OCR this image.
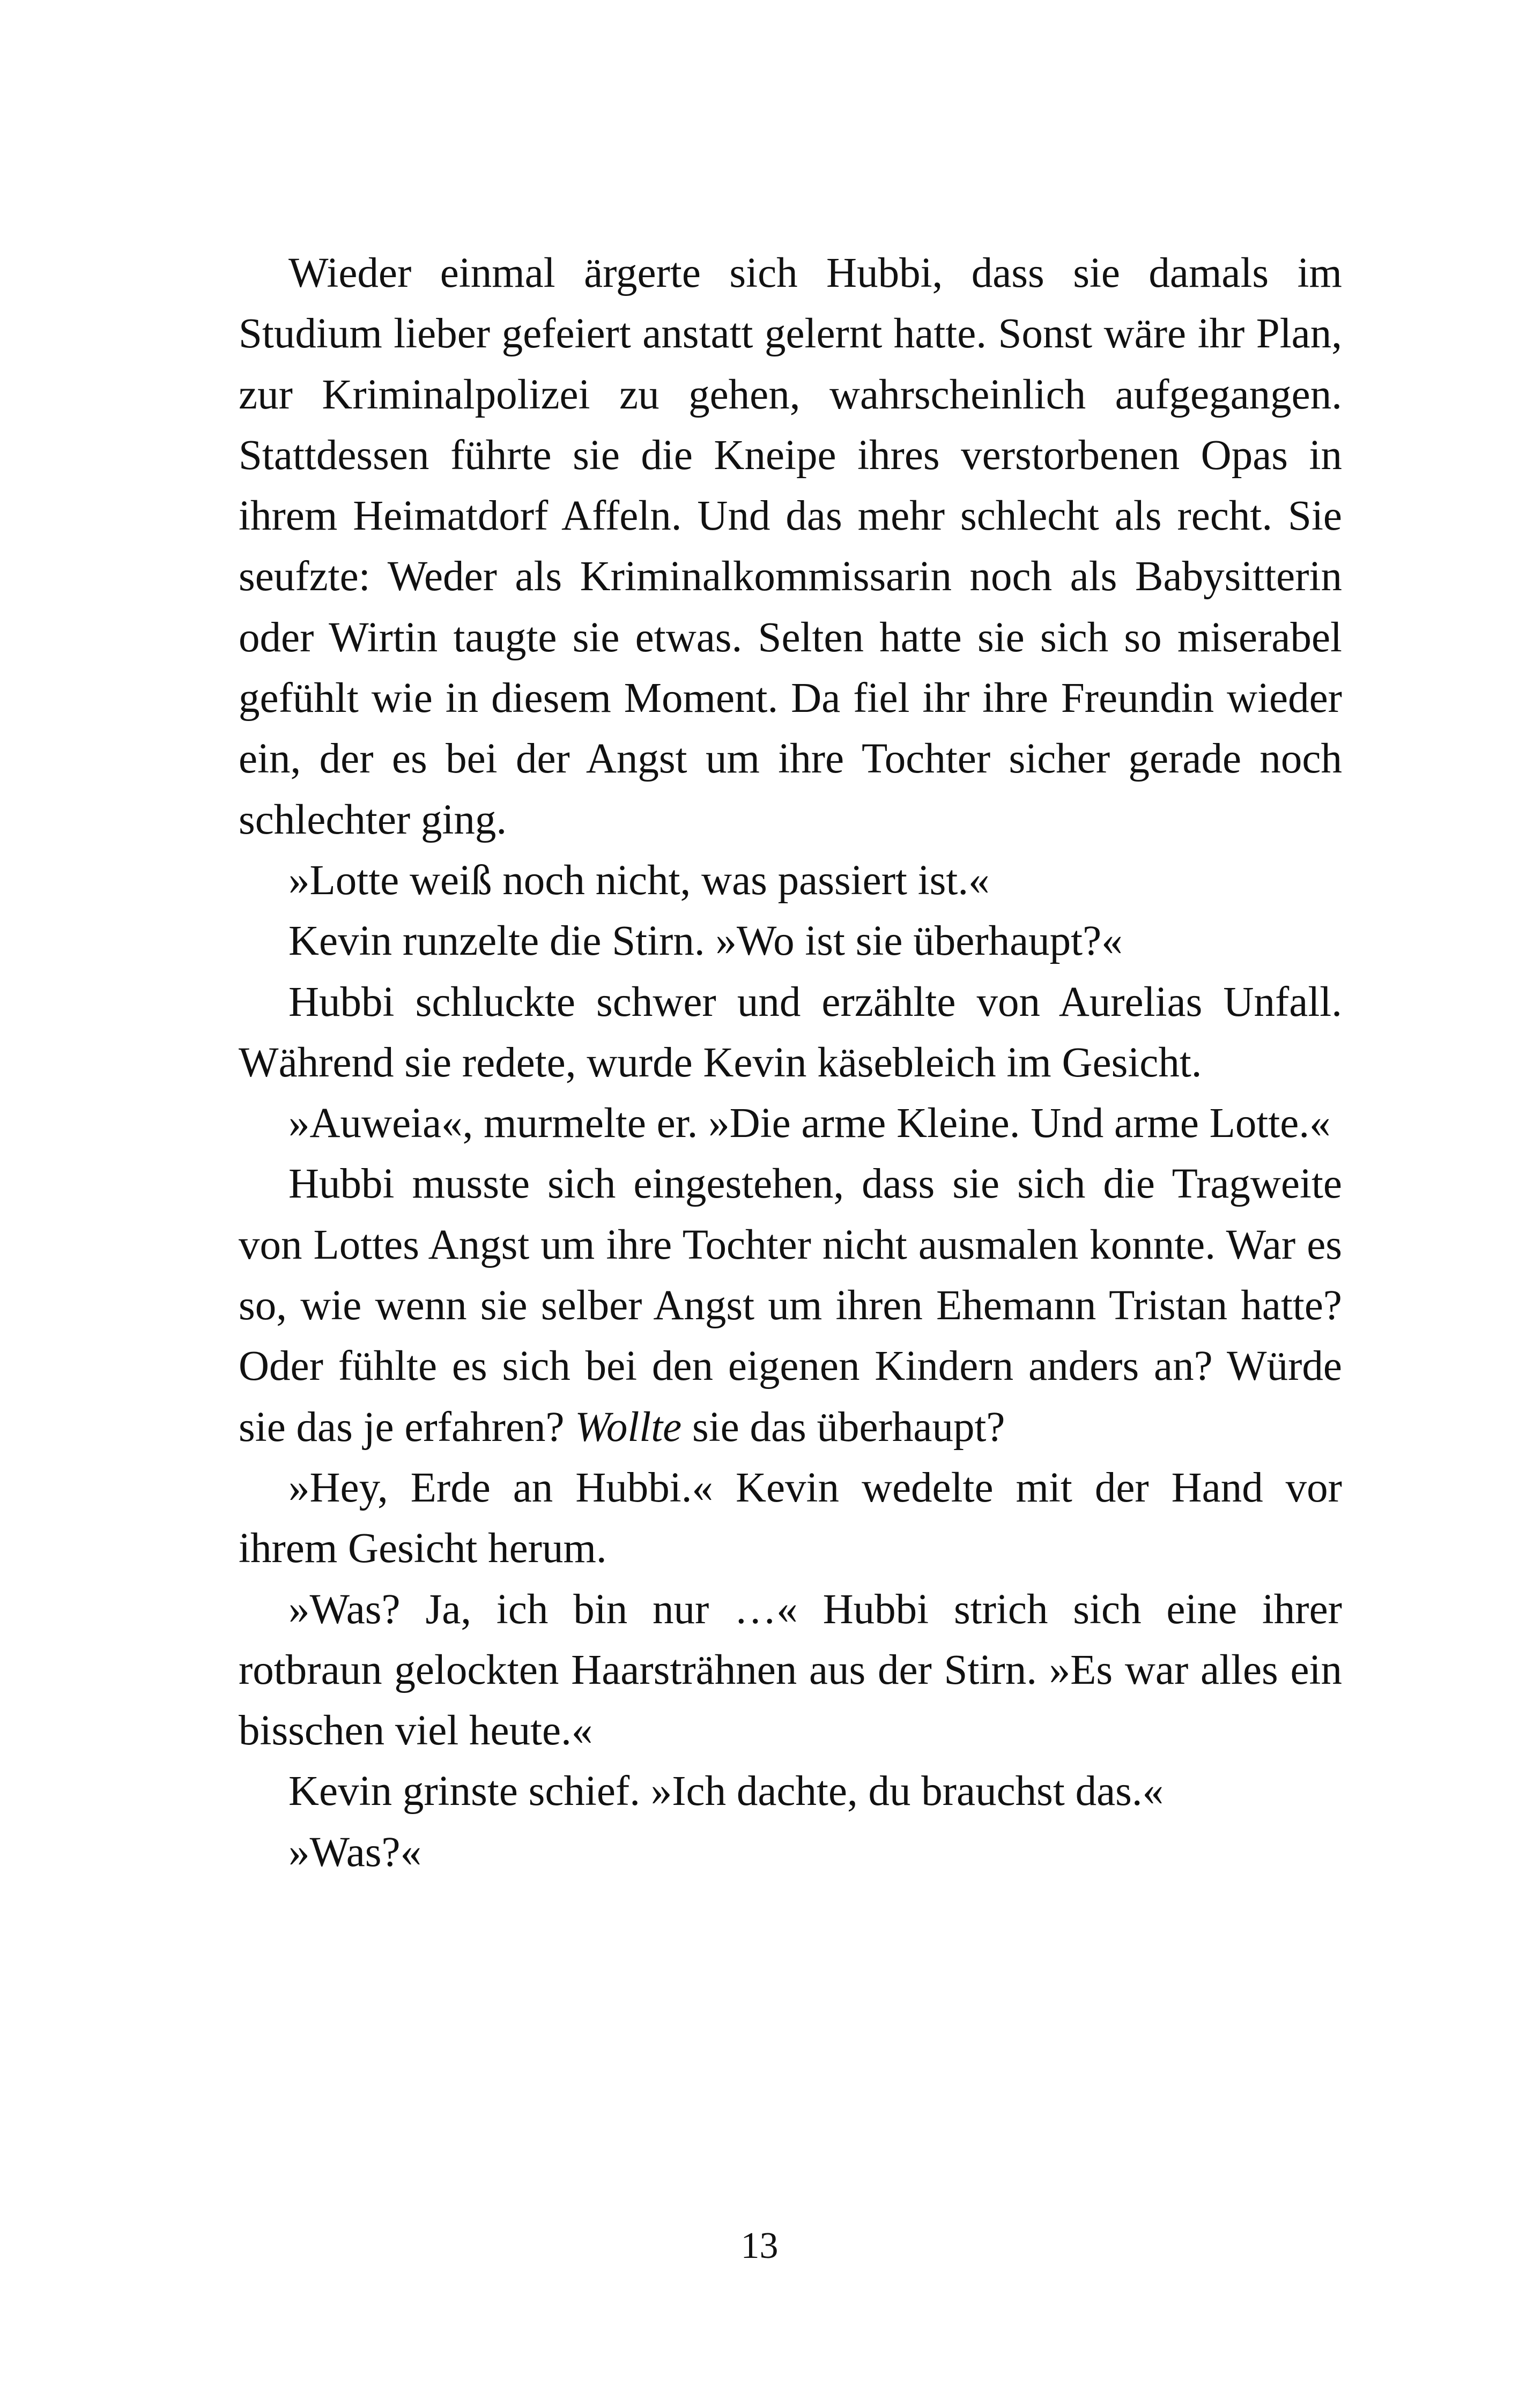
Wieder einmal ärgerte sich Hubbi, dass sie damals im Studium lieber gefeiert anstatt gelernt hatte. Sonst wäre ihr Plan, zur Kriminalpolizei zu gehen, wahrscheinlich aufgegangen. Stattdessen führte sie die Kneipe ihres verstorbenen Opas in ihrem Heimatdorf Affeln. Und das mehr schlecht als recht. Sie seufzte: Weder als Kriminalkommissarin noch als Babysitterin oder Wirtin taugte sie etwas. Selten hatte sie sich so miserabel gefühlt wie in diesem Moment. Da fiel ihr ihre Freundin wieder ein, der es bei der Angst um ihre Tochter sicher gerade noch schlechter ging.

»Lotte weiß noch nicht, was passiert ist.«

Kevin runzelte die Stirn. »Wo ist sie überhaupt?«

Hubbi schluckte schwer und erzählte von Aurelias Unfall. Während sie redete, wurde Kevin käsebleich im Gesicht.

»Auweia«, murmelte er. »Die arme Kleine. Und arme Lotte.«

Hubbi musste sich eingestehen, dass sie sich die Tragweite von Lottes Angst um ihre Tochter nicht ausmalen konnte. War es so, wie wenn sie selber Angst um ihren Ehemann Tristan hatte? Oder fühlte es sich bei den eigenen Kindern anders an? Würde sie das je erfahren? Wollte sie das überhaupt?

»Hey, Erde an Hubbi.« Kevin wedelte mit der Hand vor ihrem Gesicht herum.

»Was? Ja, ich bin nur …« Hubbi strich sich eine ihrer rotbraun gelockten Haarsträhnen aus der Stirn. »Es war alles ein bisschen viel heute.«

Kevin grinste schief. »Ich dachte, du brauchst das.«

»Was?«

13
